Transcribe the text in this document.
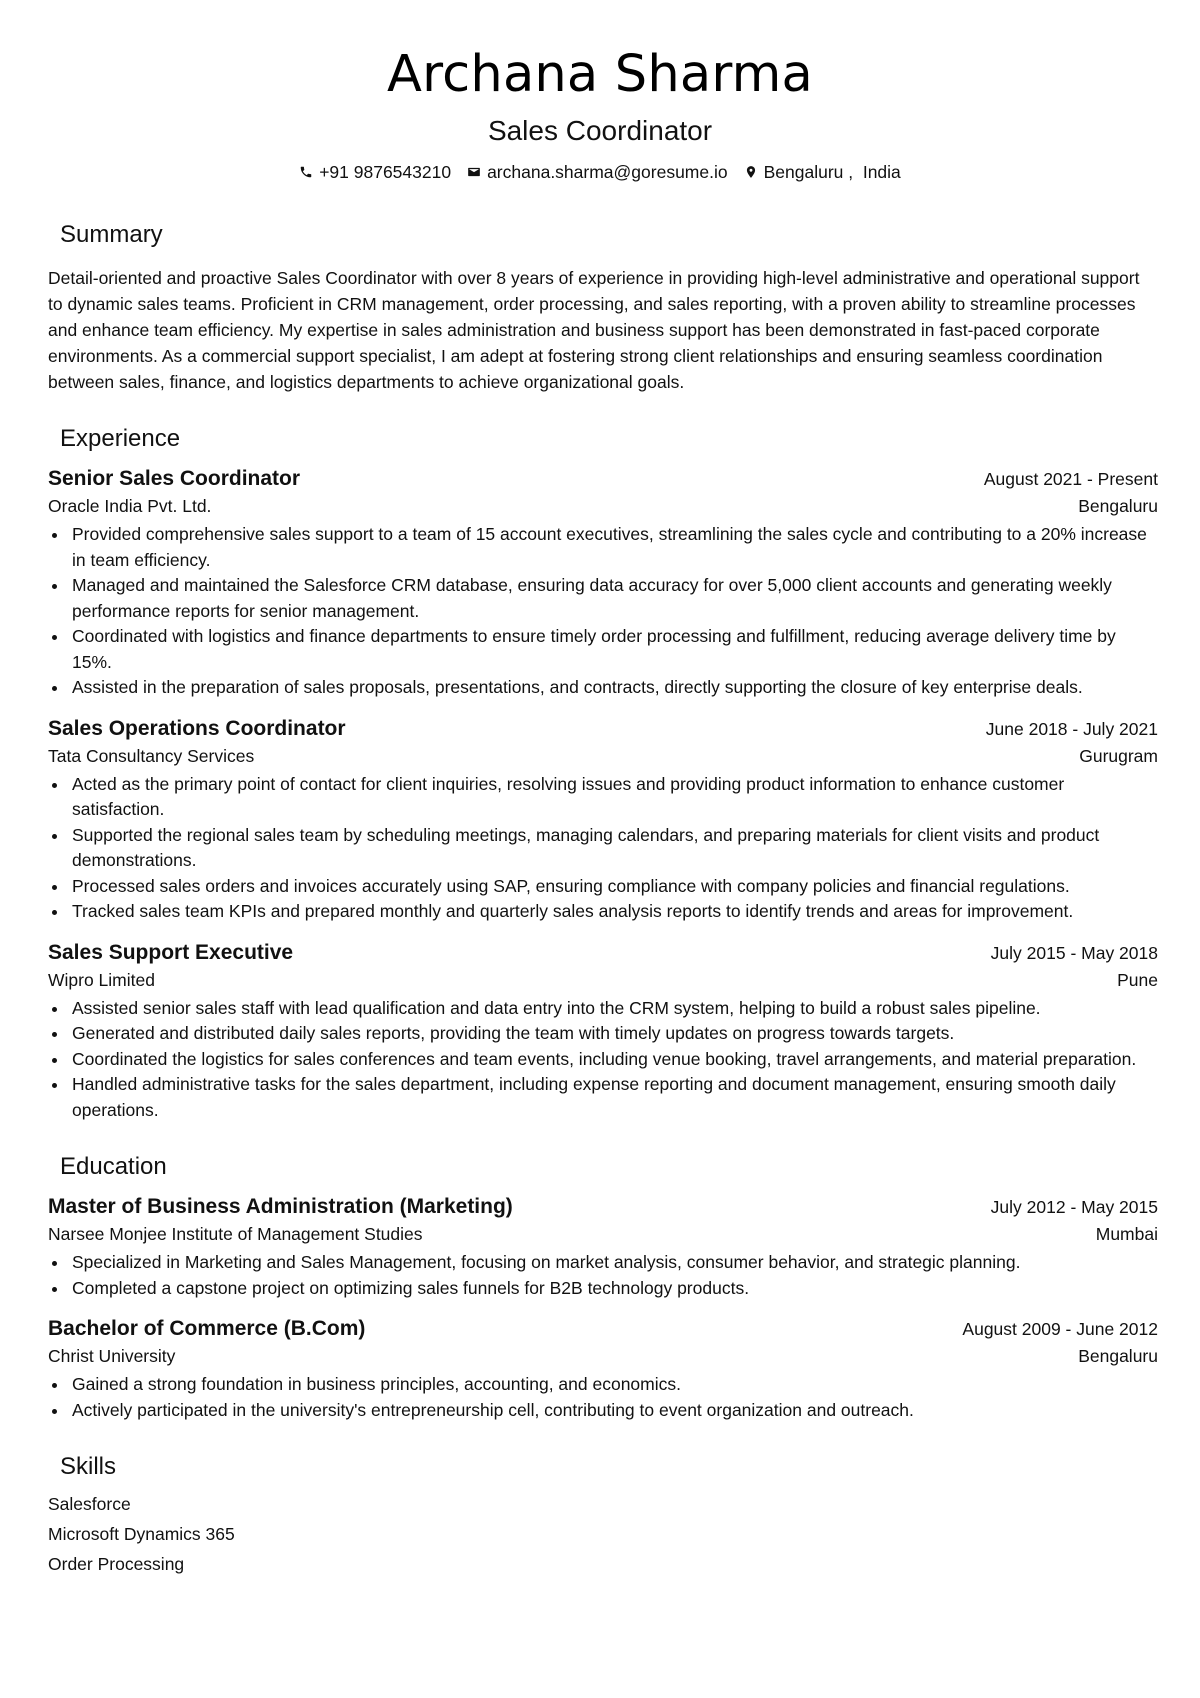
Archana Sharma
Sales Coordinator
+91 9876543210 archana.sharma@goresume.io Bengaluru ,  India
Summary
Detail-oriented and proactive Sales Coordinator with over 8 years of experience in providing high-level administrative and operational support to dynamic sales teams. Proficient in CRM management, order processing, and sales reporting, with a proven ability to streamline processes and enhance team efficiency. My expertise in sales administration and business support has been demonstrated in fast-paced corporate environments. As a commercial support specialist, I am adept at fostering strong client relationships and ensuring seamless coordination between sales, finance, and logistics departments to achieve organizational goals.
Experience
Senior Sales Coordinator	August 2021 - Present
Oracle India Pvt. Ltd.	Bengaluru
Provided comprehensive sales support to a team of 15 account executives, streamlining the sales cycle and contributing to a 20% increase in team efficiency.
Managed and maintained the Salesforce CRM database, ensuring data accuracy for over 5,000 client accounts and generating weekly performance reports for senior management.
Coordinated with logistics and finance departments to ensure timely order processing and fulfillment, reducing average delivery time by 15%.
Assisted in the preparation of sales proposals, presentations, and contracts, directly supporting the closure of key enterprise deals.
Sales Operations Coordinator	June 2018 - July 2021
Tata Consultancy Services	Gurugram
Acted as the primary point of contact for client inquiries, resolving issues and providing product information to enhance customer satisfaction.
Supported the regional sales team by scheduling meetings, managing calendars, and preparing materials for client visits and product demonstrations.
Processed sales orders and invoices accurately using SAP, ensuring compliance with company policies and financial regulations.
Tracked sales team KPIs and prepared monthly and quarterly sales analysis reports to identify trends and areas for improvement.
Sales Support Executive	July 2015 - May 2018
Wipro Limited	Pune
Assisted senior sales staff with lead qualification and data entry into the CRM system, helping to build a robust sales pipeline.
Generated and distributed daily sales reports, providing the team with timely updates on progress towards targets.
Coordinated the logistics for sales conferences and team events, including venue booking, travel arrangements, and material preparation.
Handled administrative tasks for the sales department, including expense reporting and document management, ensuring smooth daily operations.
Education
Master of Business Administration (Marketing)	July 2012 - May 2015
Narsee Monjee Institute of Management Studies	Mumbai
Specialized in Marketing and Sales Management, focusing on market analysis, consumer behavior, and strategic planning.
Completed a capstone project on optimizing sales funnels for B2B technology products.
Bachelor of Commerce (B.Com)	August 2009 - June 2012
Christ University	Bengaluru
Gained a strong foundation in business principles, accounting, and economics.
Actively participated in the university's entrepreneurship cell, contributing to event organization and outreach.
Skills
Salesforce
Microsoft Dynamics 365
Order Processing
